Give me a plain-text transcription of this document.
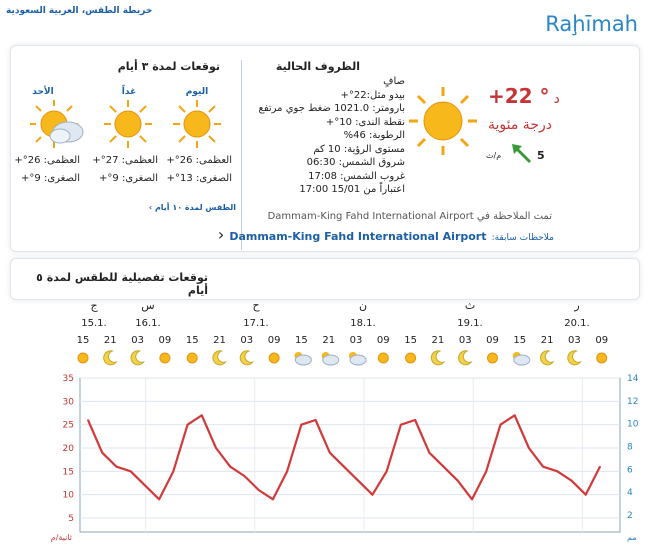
خريطة الطقس، العربية السعودية
Raḩīmah
توقعات لمدة ٣ أيام
الأحد	غداً	اليوم
العظمى: 26°+
الصغرى: 9°+
العظمى: 27°+
الصغرى: 9°+
العظمى: 26°+
الصغرى: 13°+
الطقس لمدة ١٠ أيام ›
الظروف الحالية
+22 ° د
درجة مئوية
5
م/ث
صافٍ
بيدو مثل:22°+
بارومتر: 1021.0 ضغط جوي مرتفع
نقطة الندى: 10°+
الرطوبة: 46%
مستوى الرؤية: 10 كم
شروق الشمس: 06:30
غروب الشمس: 17:08
اعتباراً من 15/01 17:00
تمت الملاحظة في Dammam-King Fahd International Airport
ملاحظات سابقة: Dammam-King Fahd International Airport ‹
توقعات تفصيلية للطقس لمدة ٥ أيام
ج
15.1.
س
16.1.
ح
17.1.
ن
18.1.
ث
19.1.
ر
20.1.
15 21 03 09 15 21 03 09 15 21 03 09 15 21 03 09 15 21 03 09
5
10
15
20
25
30
35
2
4
6
8
10
12
14
ثانية/م	مم
